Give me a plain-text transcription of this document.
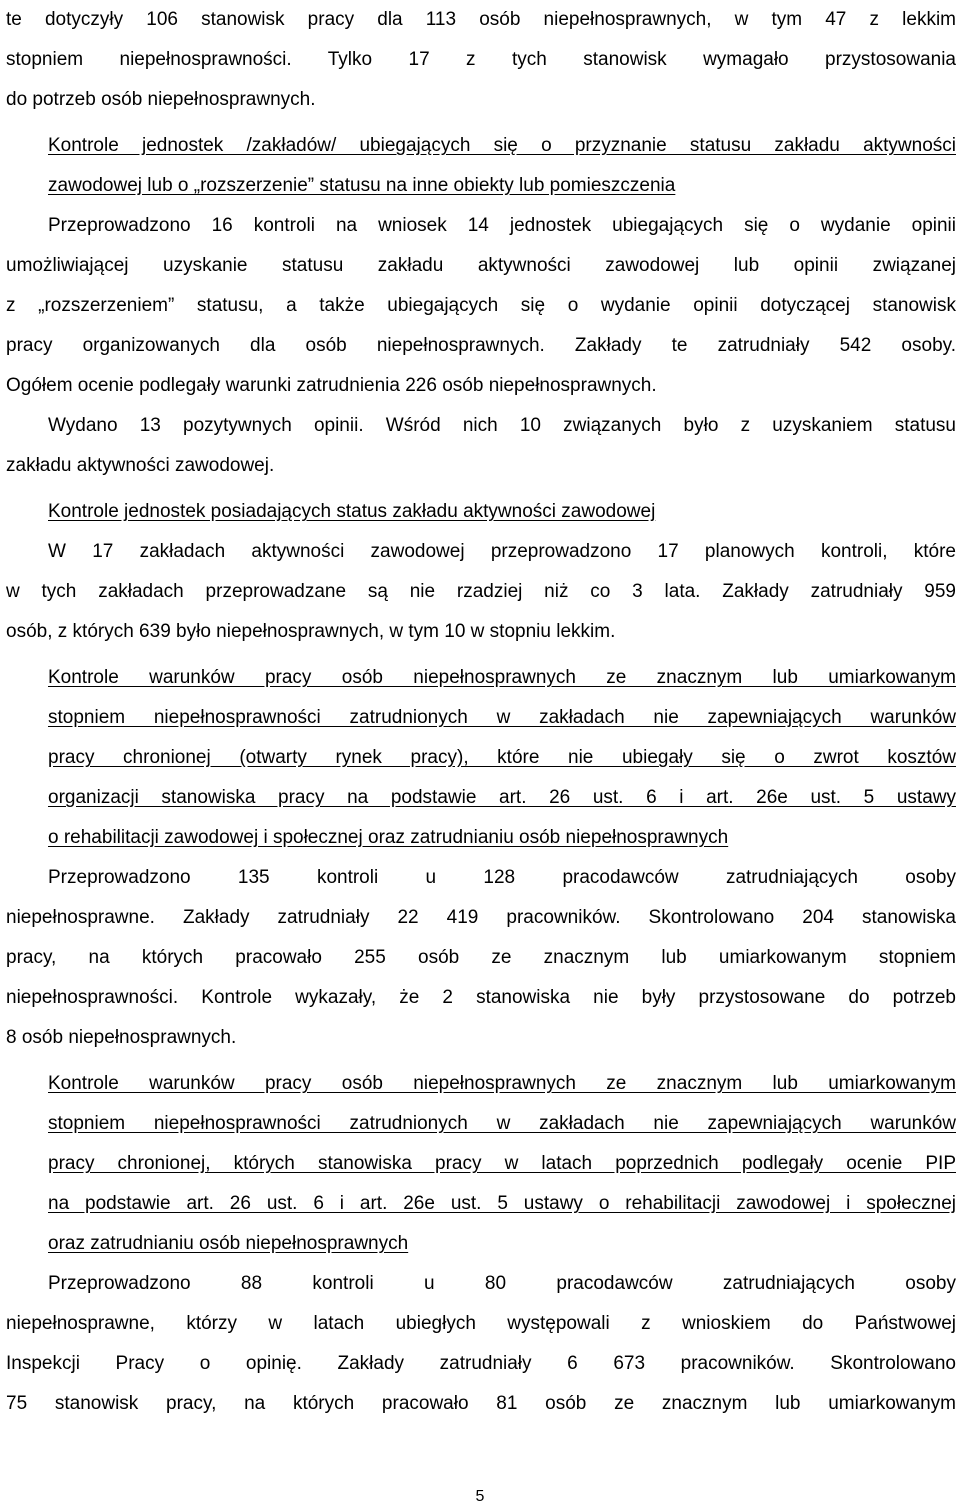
te dotyczyły 106 stanowisk pracy dla 113 osób niepełnosprawnych, w tym 47 z lekkim
stopniem niepełnosprawności. Tylko 17 z tych stanowisk wymagało przystosowania
do potrzeb osób niepełnosprawnych.
Kontrole jednostek /zakładów/ ubiegających się o przyznanie statusu zakładu aktywności
zawodowej lub o „rozszerzenie” statusu na inne obiekty lub pomieszczenia
Przeprowadzono 16 kontroli na wniosek 14 jednostek ubiegających się o wydanie opinii
umożliwiającej uzyskanie statusu zakładu aktywności zawodowej lub opinii związanej
z „rozszerzeniem” statusu, a także ubiegających się o wydanie opinii dotyczącej stanowisk
pracy organizowanych dla osób niepełnosprawnych. Zakłady te zatrudniały 542 osoby.
Ogółem ocenie podlegały warunki zatrudnienia 226 osób niepełnosprawnych.
Wydano 13 pozytywnych opinii. Wśród nich 10 związanych było z uzyskaniem statusu
zakładu aktywności zawodowej.
Kontrole jednostek posiadających status zakładu aktywności zawodowej
W 17 zakładach aktywności zawodowej przeprowadzono 17 planowych kontroli, które
w tych zakładach przeprowadzane są nie rzadziej niż co 3 lata. Zakłady zatrudniały 959
osób, z których 639 było niepełnosprawnych, w tym 10 w stopniu lekkim.
Kontrole warunków pracy osób niepełnosprawnych ze znacznym lub umiarkowanym
stopniem niepełnosprawności zatrudnionych w zakładach nie zapewniających warunków
pracy chronionej (otwarty rynek pracy), które nie ubiegały się o zwrot kosztów
organizacji stanowiska pracy na podstawie art. 26 ust. 6 i art. 26e ust. 5 ustawy
o rehabilitacji zawodowej i społecznej oraz zatrudnianiu osób niepełnosprawnych
Przeprowadzono 135 kontroli u 128 pracodawców zatrudniających osoby
niepełnosprawne. Zakłady zatrudniały 22 419 pracowników. Skontrolowano 204 stanowiska
pracy, na których pracowało 255 osób ze znacznym lub umiarkowanym stopniem
niepełnosprawności. Kontrole wykazały, że 2 stanowiska nie były przystosowane do potrzeb
8 osób niepełnosprawnych.
Kontrole warunków pracy osób niepełnosprawnych ze znacznym lub umiarkowanym
stopniem niepełnosprawności zatrudnionych w zakładach nie zapewniających warunków
pracy chronionej, których stanowiska pracy w latach poprzednich podlegały ocenie PIP
na podstawie art. 26 ust. 6 i art. 26e ust. 5 ustawy o rehabilitacji zawodowej i społecznej
oraz zatrudnianiu osób niepełnosprawnych
Przeprowadzono 88 kontroli u 80 pracodawców zatrudniających osoby
niepełnosprawne, którzy w latach ubiegłych występowali z wnioskiem do Państwowej
Inspekcji Pracy o opinię. Zakłady zatrudniały 6 673 pracowników. Skontrolowano
75 stanowisk pracy, na których pracowało 81 osób ze znacznym lub umiarkowanym
5
